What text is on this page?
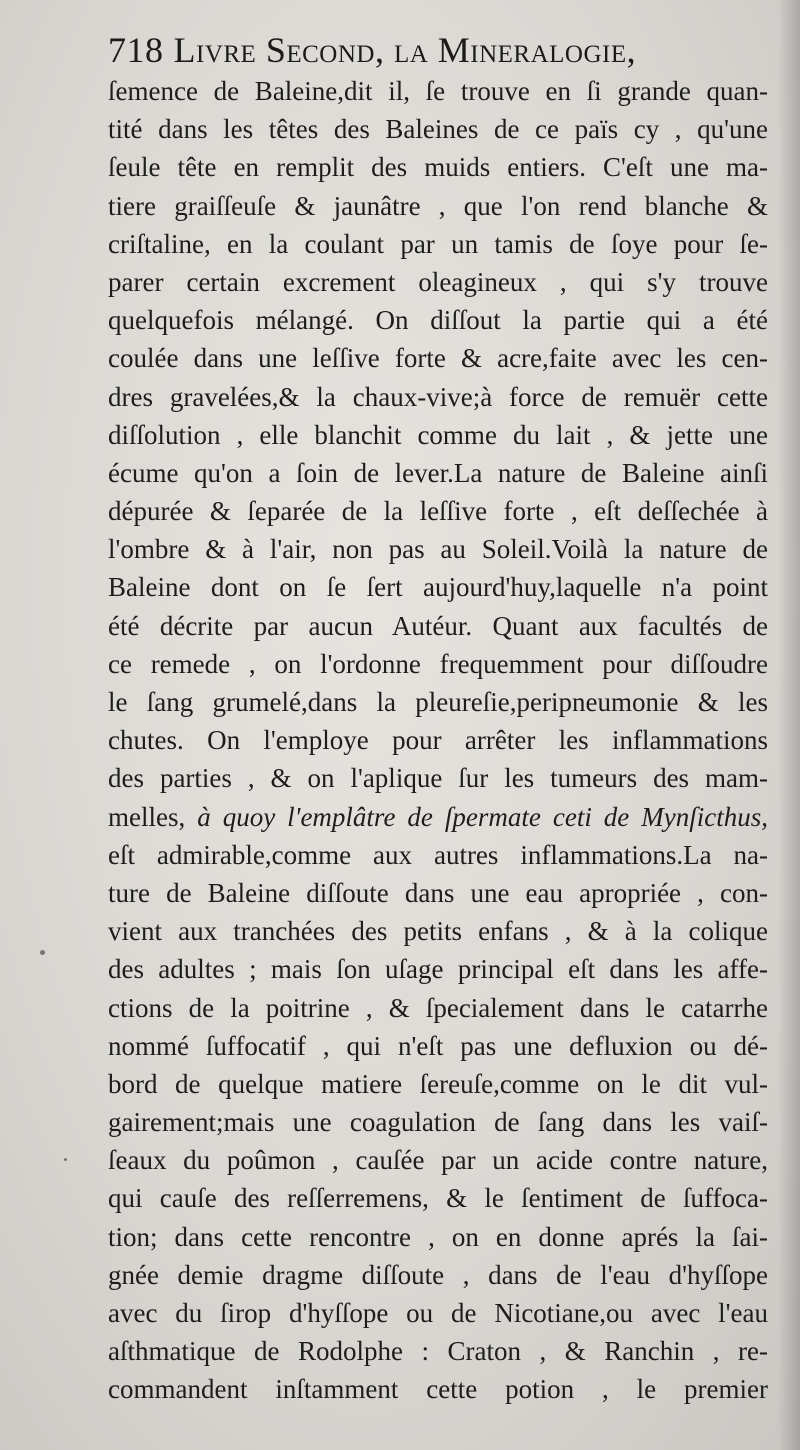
718 Livre Second, la Mineralogie,
ſemence de Baleine,dit il, ſe trouve en ſi grande quan-
tité dans les têtes des Baleines de ce païs cy , qu'une
ſeule tête en remplit des muids entiers. C'eſt une ma-
tiere graiſſeuſe & jaunâtre , que l'on rend blanche &
criſtaline, en la coulant par un tamis de ſoye pour ſe-
parer certain excrement oleagineux , qui s'y trouve
quelquefois mélangé. On diſſout la partie qui a été
coulée dans une leſſive forte & acre,faite avec les cen-
dres gravelées,& la chaux-vive;à force de remuër cette
diſſolution , elle blanchit comme du lait , & jette une
écume qu'on a ſoin de lever.La nature de Baleine ainſi
dépurée & ſeparée de la leſſive forte , eſt deſſechée à
l'ombre & à l'air, non pas au Soleil.Voilà la nature de
Baleine dont on ſe ſert aujourd'huy,laquelle n'a point
été décrite par aucun Autéur. Quant aux facultés de
ce remede , on l'ordonne frequemment pour diſſoudre
le ſang grumelé,dans la pleureſie,peripneumonie & les
chutes. On l'employe pour arrêter les inflammations
des parties , & on l'aplique ſur les tumeurs des mam-
melles, à quoy l'emplâtre de ſpermate ceti de Mynſicthus,
eſt admirable,comme aux autres inflammations.La na-
ture de Baleine diſſoute dans une eau apropriée , con-
vient aux tranchées des petits enfans , & à la colique
des adultes ; mais ſon uſage principal eſt dans les affe-
ctions de la poitrine , & ſpecialement dans le catarrhe
nommé ſuffocatif , qui n'eſt pas une defluxion ou dé-
bord de quelque matiere ſereuſe,comme on le dit vul-
gairement;mais une coagulation de ſang dans les vaiſ-
ſeaux du poûmon , cauſée par un acide contre nature,
qui cauſe des reſſerremens, & le ſentiment de ſuffoca-
tion; dans cette rencontre , on en donne aprés la ſai-
gnée demie dragme diſſoute , dans de l'eau d'hyſſope
avec du ſirop d'hyſſope ou de Nicotiane,ou avec l'eau
aſthmatique de Rodolphe : Craton , & Ranchin , re-
commandent inſtamment cette potion , le premier
